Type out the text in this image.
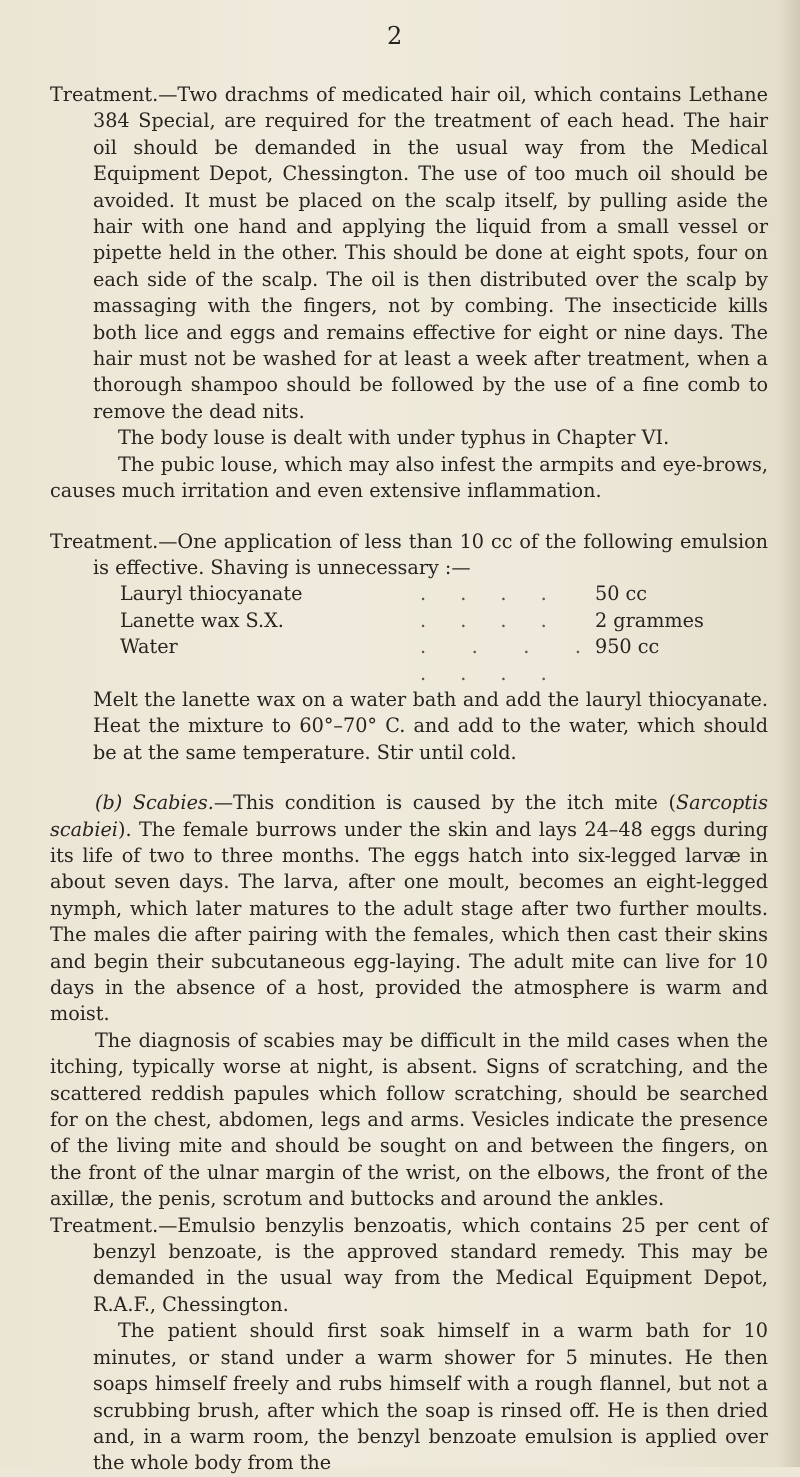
2

Treatment.—Two drachms of medicated hair oil, which contains Lethane 384 Special, are required for the treatment of each head. The hair oil should be demanded in the usual way from the Medical Equipment Depot, Chessington. The use of too much oil should be avoided. It must be placed on the scalp itself, by pulling aside the hair with one hand and applying the liquid from a small vessel or pipette held in the other. This should be done at eight spots, four on each side of the scalp. The oil is then distributed over the scalp by massaging with the fingers, not by combing. The insecticide kills both lice and eggs and remains effective for eight or nine days. The hair must not be washed for at least a week after treatment, when a thorough shampoo should be followed by the use of a fine comb to remove the dead nits.

The body louse is dealt with under typhus in Chapter VI.

The pubic louse, which may also infest the armpits and eye-brows, causes much irritation and even extensive inflammation.

Treatment.—One application of less than 10 cc of the following emulsion is effective. Shaving is unnecessary :—

Lauryl thiocyanate	. . . .	50 cc
Lanette wax S.X.	. . . .	2 grammes
Water	. . . . . . . .	950 cc

Melt the lanette wax on a water bath and add the lauryl thiocyanate. Heat the mixture to 60°–70° C. and add to the water, which should be at the same temperature. Stir until cold.

(b) Scabies.—This condition is caused by the itch mite (Sarcoptis scabiei). The female burrows under the skin and lays 24–48 eggs during its life of two to three months. The eggs hatch into six-legged larvæ in about seven days. The larva, after one moult, becomes an eight-legged nymph, which later matures to the adult stage after two further moults. The males die after pairing with the females, which then cast their skins and begin their subcutaneous egg-laying. The adult mite can live for 10 days in the absence of a host, provided the atmosphere is warm and moist.

The diagnosis of scabies may be difficult in the mild cases when the itching, typically worse at night, is absent. Signs of scratching, and the scattered reddish papules which follow scratching, should be searched for on the chest, abdomen, legs and arms. Vesicles indicate the presence of the living mite and should be sought on and between the fingers, on the front of the ulnar margin of the wrist, on the elbows, the front of the axillæ, the penis, scrotum and buttocks and around the ankles.

Treatment.—Emulsio benzylis benzoatis, which contains 25 per cent of benzyl benzoate, is the approved standard remedy. This may be demanded in the usual way from the Medical Equipment Depot, R.A.F., Chessington.

The patient should first soak himself in a warm bath for 10 minutes, or stand under a warm shower for 5 minutes. He then soaps himself freely and rubs himself with a rough flannel, but not a scrubbing brush, after which the soap is rinsed off. He is then dried and, in a warm room, the benzyl benzoate emulsion is applied over the whole body from the
